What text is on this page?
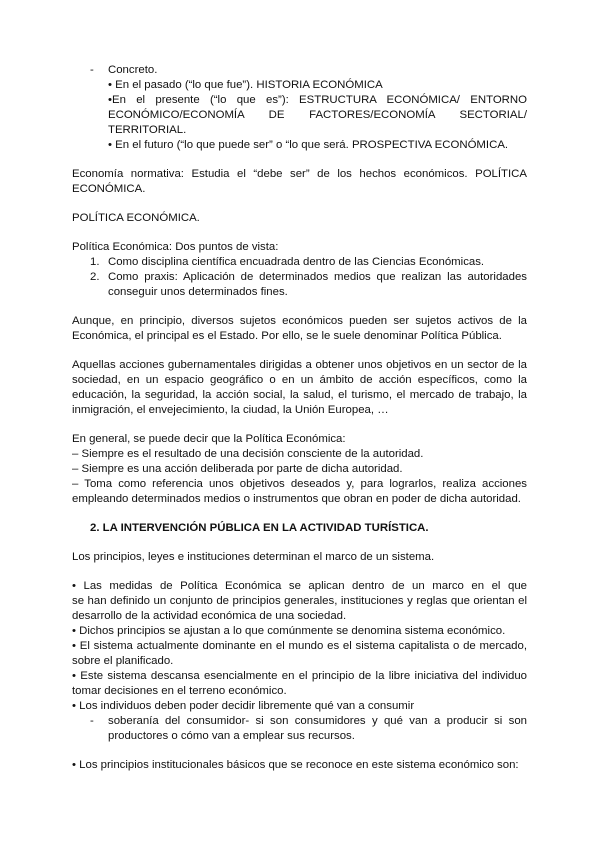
- Concreto.
• En el pasado (“lo que fue”). HISTORIA ECONÓMICA
•En el presente (“lo que es”): ESTRUCTURA ECONÓMICA/ ENTORNO
ECONÓMICO/ECONOMÍA DE FACTORES/ECONOMÍA SECTORIAL/
TERRITORIAL.
• En el futuro (“lo que puede ser” o “lo que será. PROSPECTIVA ECONÓMICA.
Economía normativa: Estudia el “debe ser” de los hechos económicos. POLÍTICA
ECONÓMICA.
POLÍTICA ECONÓMICA.
Política Económica: Dos puntos de vista:
1. Como disciplina científica encuadrada dentro de las Ciencias Económicas.
2. Como praxis: Aplicación de determinados medios que realizan las autoridades
conseguir unos determinados fines.
Aunque, en principio, diversos sujetos económicos pueden ser sujetos activos de la
Económica, el principal es el Estado. Por ello, se le suele denominar Política Pública.
Aquellas acciones gubernamentales dirigidas a obtener unos objetivos en un sector de la
sociedad, en un espacio geográfico o en un ámbito de acción específicos, como la
educación, la seguridad, la acción social, la salud, el turismo, el mercado de trabajo, la
inmigración, el envejecimiento, la ciudad, la Unión Europea, …
En general, se puede decir que la Política Económica:
– Siempre es el resultado de una decisión consciente de la autoridad.
– Siempre es una acción deliberada por parte de dicha autoridad.
– Toma como referencia unos objetivos deseados y, para lograrlos, realiza acciones
empleando determinados medios o instrumentos que obran en poder de dicha autoridad.
2. LA INTERVENCIÓN PÚBLICA EN LA ACTIVIDAD TURÍSTICA.
Los principios, leyes e instituciones determinan el marco de un sistema.
• Las medidas de Política Económica se aplican dentro de un marco en el que
se han definido un conjunto de principios generales, instituciones y reglas que orientan el
desarrollo de la actividad económica de una sociedad.
• Dichos principios se ajustan a lo que comúnmente se denomina sistema económico.
• El sistema actualmente dominante en el mundo es el sistema capitalista o de mercado,
sobre el planificado.
• Este sistema descansa esencialmente en el principio de la libre iniciativa del individuo
tomar decisiones en el terreno económico.
• Los individuos deben poder decidir libremente qué van a consumir
- soberanía del consumidor- si son consumidores y qué van a producir si son
productores o cómo van a emplear sus recursos.
• Los principios institucionales básicos que se reconoce en este sistema económico son:
